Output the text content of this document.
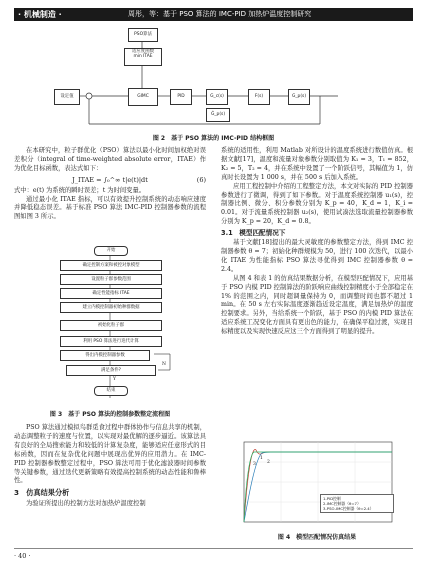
· 机械制造 ·	周彤，等：基于 PSO 算法的 IMC-PID 加热炉温度控制研究
PSO算法
适应度函数
min ITAE
设定值	GIMC	PID	G_c(s)	F(s)	G_p(s)
Ĝ_p(s)
图 2　基于 PSO 算法的 IMC-PID 结构框图

在本研究中，粒子群优化（PSO）算法以最小化时间加权绝对误差积分（integral of time-weighted absolute error，ITAE）作为优化目标函数，表达式如下：

J_ITAE = ∫₀^∞ t|e(t)|dt	(6)

式中：e(t) 为系统的瞬时误差；t 为时间变量。

通过最小化 ITAE 指标，可以有效提升控制系统的动态响应速度并降低稳态误差。基于标准 PSO 算法 IMC-PID 控制器参数的流程图如图 3 所示。

开始
确定控制方案和被控对象模型
设置粒子群参数范围
确定性能指标 ITAE
建立内模控制器初始种群数据
初始化粒子群
利用 PSO 算法进行迭代计算
满足条件?
得出内模控制器参数
N
Y
结束
图 3　基于 PSO 算法的控制参数整定流程图

PSO 算法通过模拟鸟群觅食过程中群体协作与信息共享的机制，动态调整粒子的速度与位置，以实现对最优解的逐步逼近。该算法具有良好的全局搜索能力和较低的计算复杂度，能够适应任意形式的目标函数，因而在复杂优化问题中展现出优异的应用潜力。在 IMC-PID 控制器参数整定过程中，PSO 算法可用于优化滤波器时间参数等关键参数，通过迭代更新策略有效提高控制系统的动态性能和鲁棒性。

3　仿真结果分析

为验证所提出的控制方法对加热炉温度控制

系统的适用性，利用 Matlab 对所设计的温度系统进行数值仿真。根据文献[17]，温度和流量对象参数分别取值为 K₁ = 3，T₁ = 852，K₂ = 5，T₂ = 4，并在系统中设置了一个阶跃信号，其幅值为 1，仿真时长设置为 1 000 s，并在 500 s 后加入系统。

应用工程控制中介绍的工程整定方法，本文对实际的 PID 控制器参数进行了微调，得到了如下参数。对于温度系统控制器 u₁(s)，控制器比例、微分、积分参数分别为 K_p = 40，K_d = 1，K_i = 0.01。对于流量系统控制器 u₂(s)，使用试凑法选取流量控制器参数分别为 K_p = 20，K_d = 0.8。

3.1　模型匹配情况下

基于文献[18]提出的最大灵敏度的参数整定方法，得到 IMC 控制器参数 θ = 7；初始化种群规模为 50，进行 100 次迭代，以最小化 ITAE 为性能指标 PSO 算法寻优得到 IMC 控制器参数 θ = 2.4。

从图 4 和表 1 的仿真结果数据分析，在模型匹配情况下，应用基于 PSO 内模 PID 控制算法的阶跃响应曲线控制精度小于全部稳定在 1% 的范围之内，同时超调量保持为 0，而调整时间也都不超过 1 min。在 50 s 左右实际温度逐渐趋近设定温度，满足加热炉的温度控制要求。另外，当给系统一个阶跃，基于 PSO 的内模 PID 算法在适应系统工况变化方面具有更出色的能力，在确保平稳过渡，实现目标精度以及实现快速反应这三个方面得到了明显的提升。

1
2
3
1-PID控制
2-IMC控制器（θ=7）
3-PSO-IMC控制器（θ=2.4）
图 4　模型匹配情况仿真结果
· 40 ·
